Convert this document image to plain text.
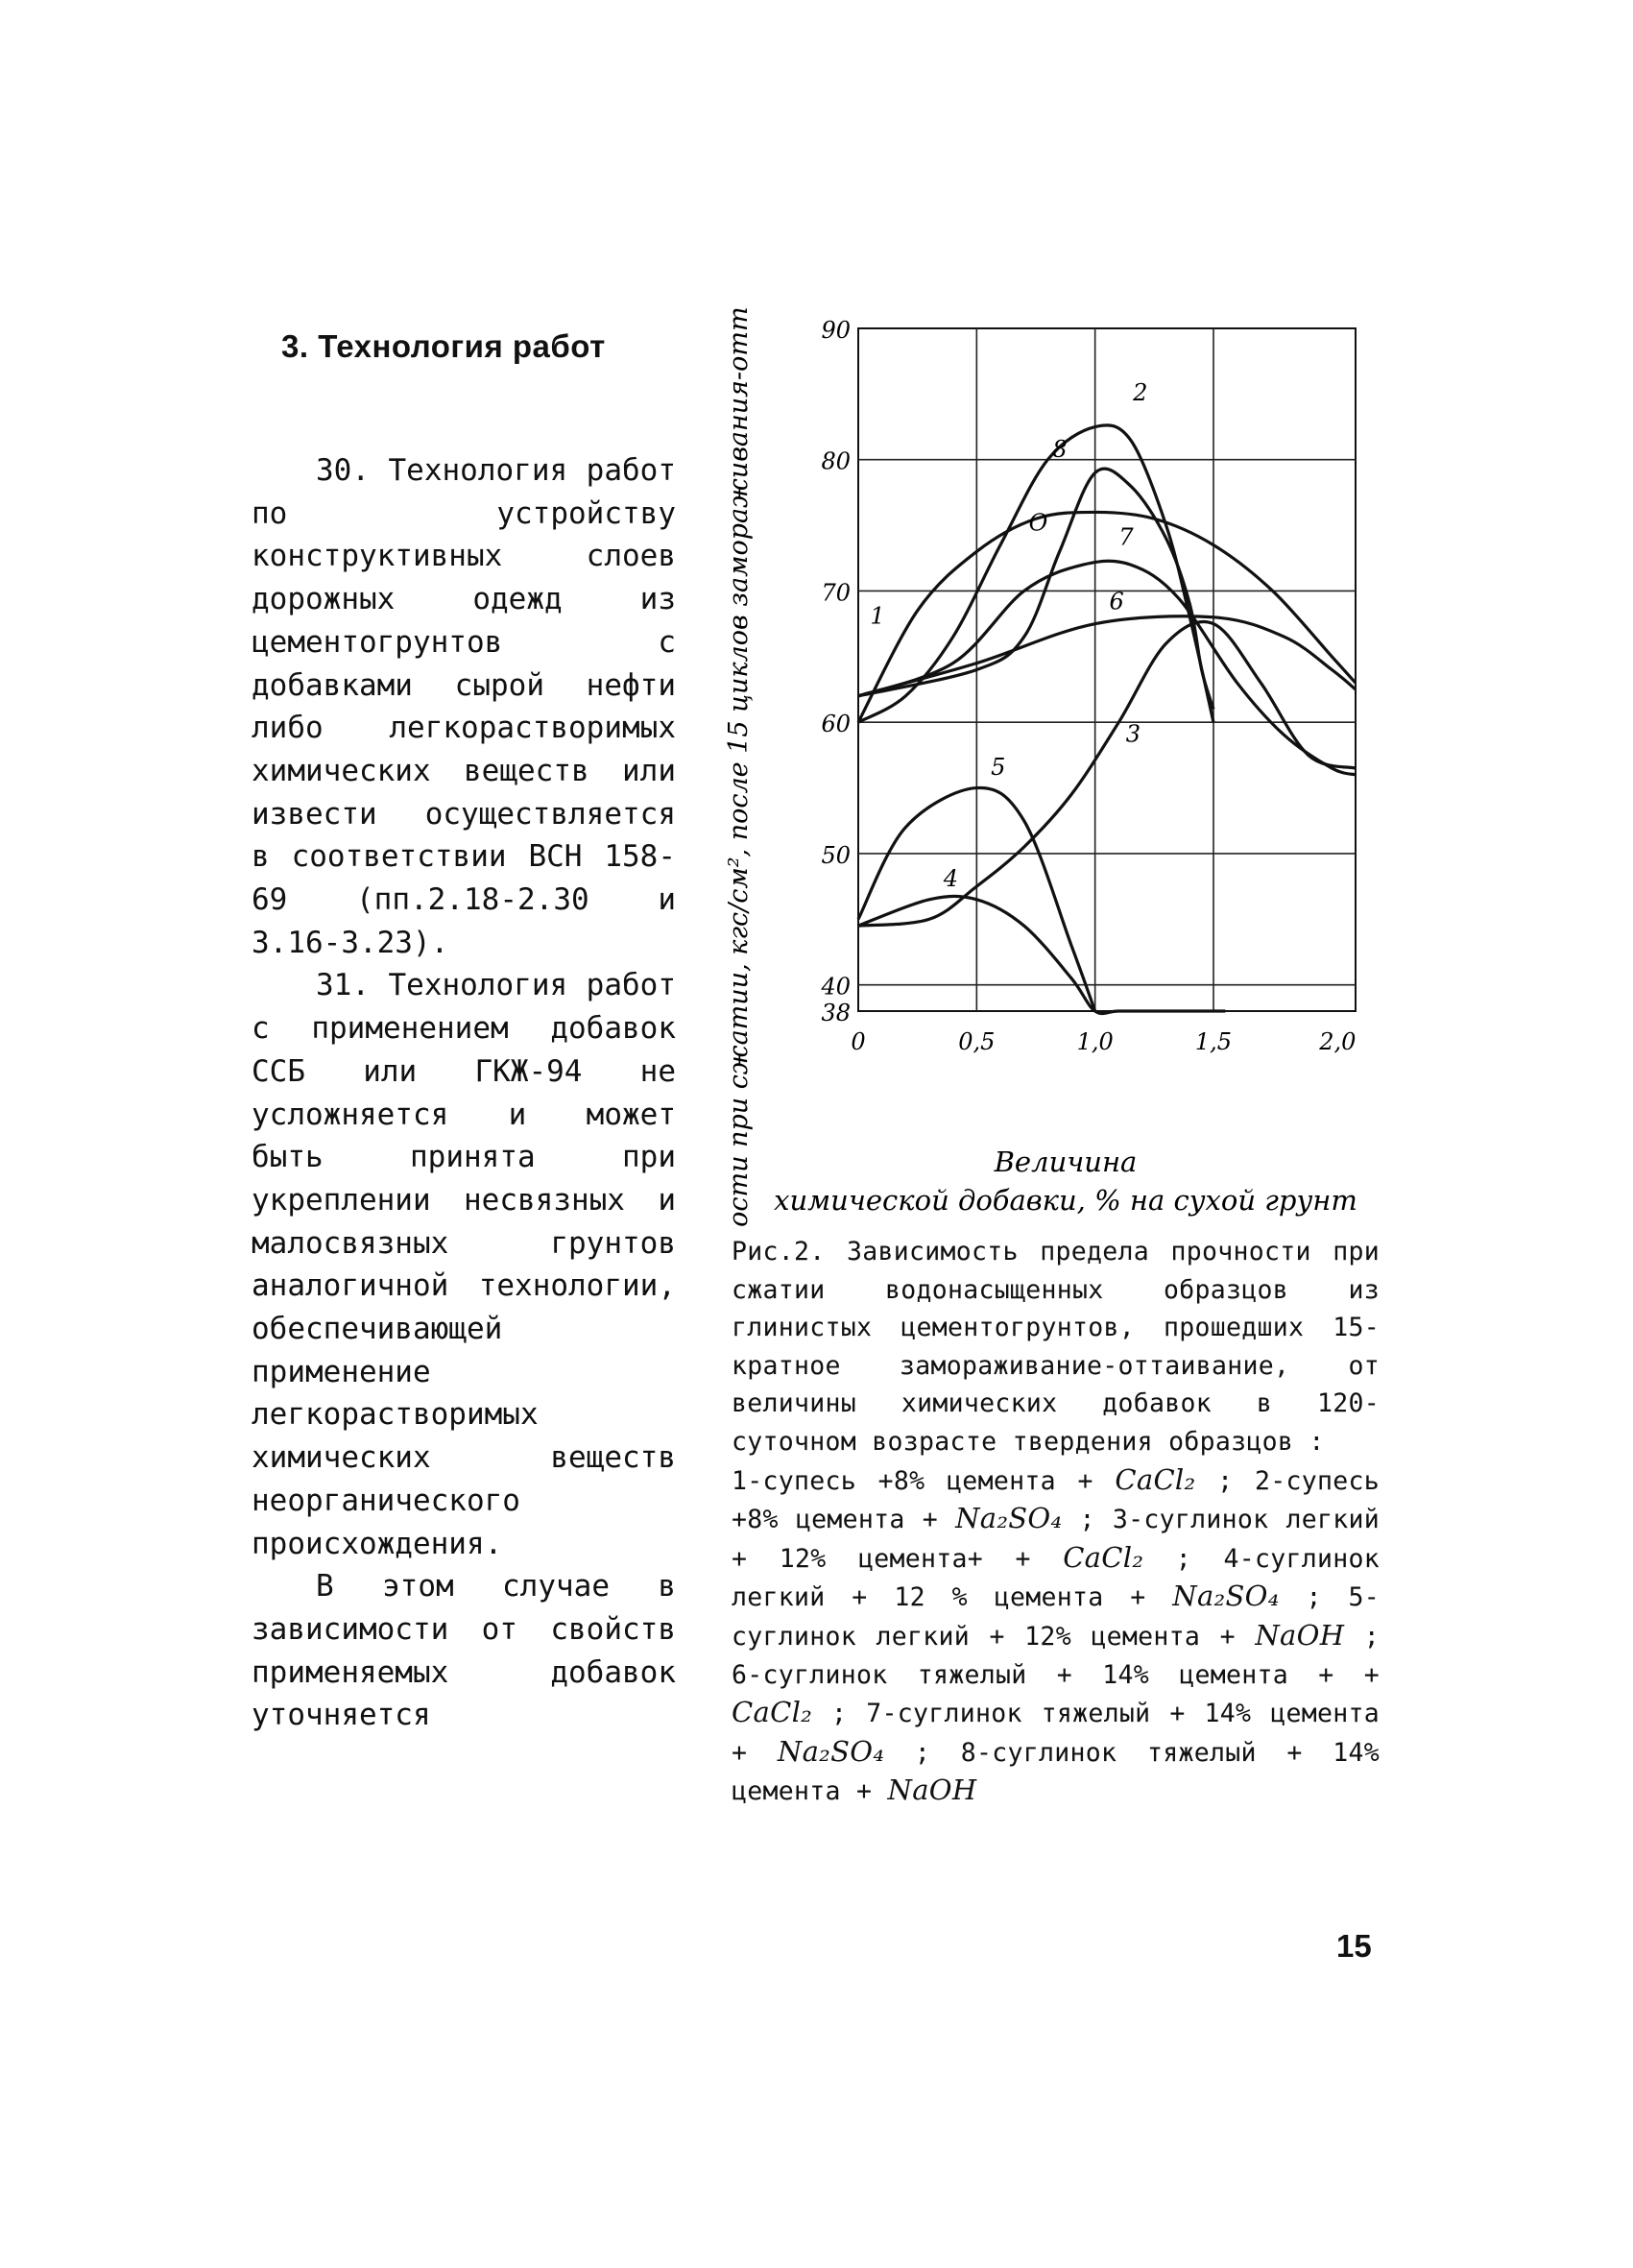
3. Технология работ

30. Технология работ по устройству конструктивных слоев дорожных одежд из цементогрунтов с добавками сырой нефти либо легкорастворимых химических веществ или извести осуществляется в соответствии ВСН 158-69 (пп.2.18-2.30 и 3.16-3.23).

31. Технология работ с применением добавок ССБ или ГКЖ-94 не усложняется и может быть принята при укреплении несвязных и малосвязных грунтов аналогичной технологии, обеспечивающей применение легкорастворимых химических веществ неорганического происхождения.

В этом случае в зависимости от свойств применяемых добавок уточняется

38
40
50
60
70
80
90
0	0,5	1,0	1,5	2,0
8
2
7
6
1
3
5
4
O
Предел прочности при сжатии, кгс/см², после 15 циклов замораживания-оттаивания	Величина
химической добавки, % на сухой грунт

Рис.2. Зависимость предела прочности при сжатии водонасыщенных образцов из глинистых цементогрунтов, прошедших 15-кратное замораживание-оттаивание, от величины химических добавок в 120-суточном возрасте твердения образцов :

1-супесь +8% цемента + CaCl₂ ; 2-супесь +8% цемента + Na₂SO₄ ; 3-суглинок легкий + 12% цемента+ + CaCl₂ ; 4-суглинок легкий + 12 % цемента + Na₂SO₄ ; 5-суглинок легкий + 12% цемента + NaOH ; 6-суглинок тяжелый + 14% цемента + + CaCl₂ ; 7-суглинок тяжелый + 14% цемента + Na₂SO₄ ; 8-суглинок тяжелый + 14% цемента + NaOH

15
